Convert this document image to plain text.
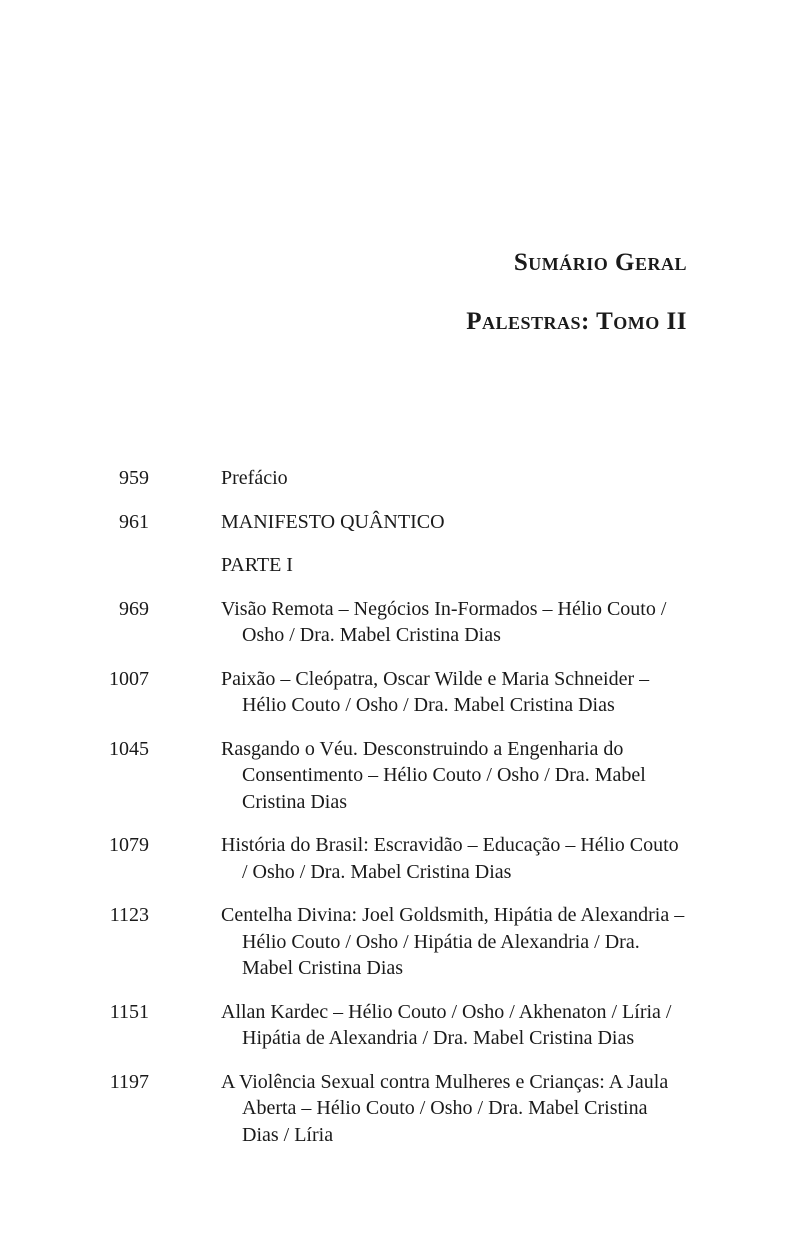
Sumário Geral
Palestras: Tomo II
959	Prefácio
961	MANIFESTO QUÂNTICO
PARTE I
969	Visão Remota – Negócios In-Formados – Hélio Couto / Osho / Dra. Mabel Cristina Dias
1007	Paixão – Cleópatra, Oscar Wilde e Maria Schneider – Hélio Couto / Osho / Dra. Mabel Cristina Dias
1045	Rasgando o Véu. Desconstruindo a Engenharia do Consentimento – Hélio Couto / Osho / Dra. Mabel Cristina Dias
1079	História do Brasil: Escravidão – Educação – Hélio Couto / Osho / Dra. Mabel Cristina Dias
1123	Centelha Divina: Joel Goldsmith, Hipátia de Alexandria – Hélio Couto / Osho / Hipátia de Alexandria / Dra. Mabel Cristina Dias
1151	Allan Kardec – Hélio Couto / Osho / Akhenaton / Líria / Hipátia de Alexandria / Dra. Mabel Cristina Dias
1197	A Violência Sexual contra Mulheres e Crianças: A Jaula Aberta – Hélio Couto / Osho / Dra. Mabel Cristina Dias / Líria
